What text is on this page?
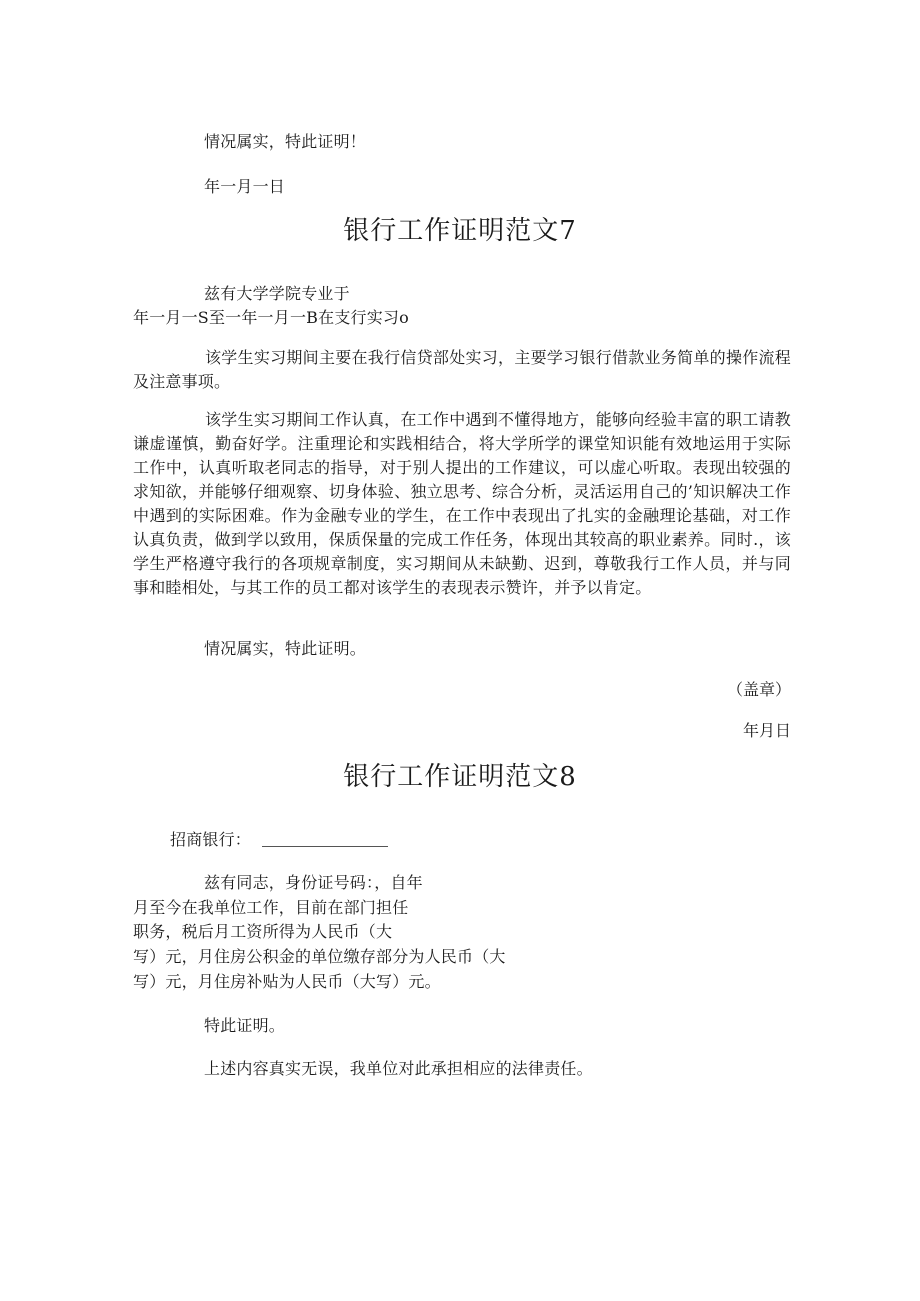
情况属实，特此证明！
年一月一日
银行工作证明范文7
兹有大学学院专业于
年一月一S至一年一月一B在支行实习o
该学生实习期间主要在我行信贷部处实习，主要学习银行借款业务简单的操作流程及注意事项。
该学生实习期间工作认真，在工作中遇到不懂得地方，能够向经验丰富的职工请教谦虚谨慎，勤奋好学。注重理论和实践相结合，将大学所学的课堂知识能有效地运用于实际工作中，认真听取老同志的指导，对于别人提出的工作建议，可以虚心听取。表现出较强的求知欲，并能够仔细观察、切身体验、独立思考、综合分析，灵活运用自己的’知识解决工作中遇到的实际困难。作为金融专业的学生，在工作中表现出了扎实的金融理论基础，对工作认真负责，做到学以致用，保质保量的完成工作任务，体现出其较高的职业素养。同时.，该学生严格遵守我行的各项规章制度，实习期间从未缺勤、迟到，尊敬我行工作人员，并与同事和睦相处，与其工作的员工都对该学生的表现表示赞许，并予以肯定。
情况属实，特此证明。
（盖章）
年月日
银行工作证明范文8
招商银行：
兹有同志，身份证号码：，自年
月至今在我单位工作，目前在部门担任
职务，税后月工资所得为人民币（大
写）元，月住房公积金的单位缴存部分为人民币（大
写）元，月住房补贴为人民币（大写）元。
特此证明。
上述内容真实无误，我单位对此承担相应的法律责任。
